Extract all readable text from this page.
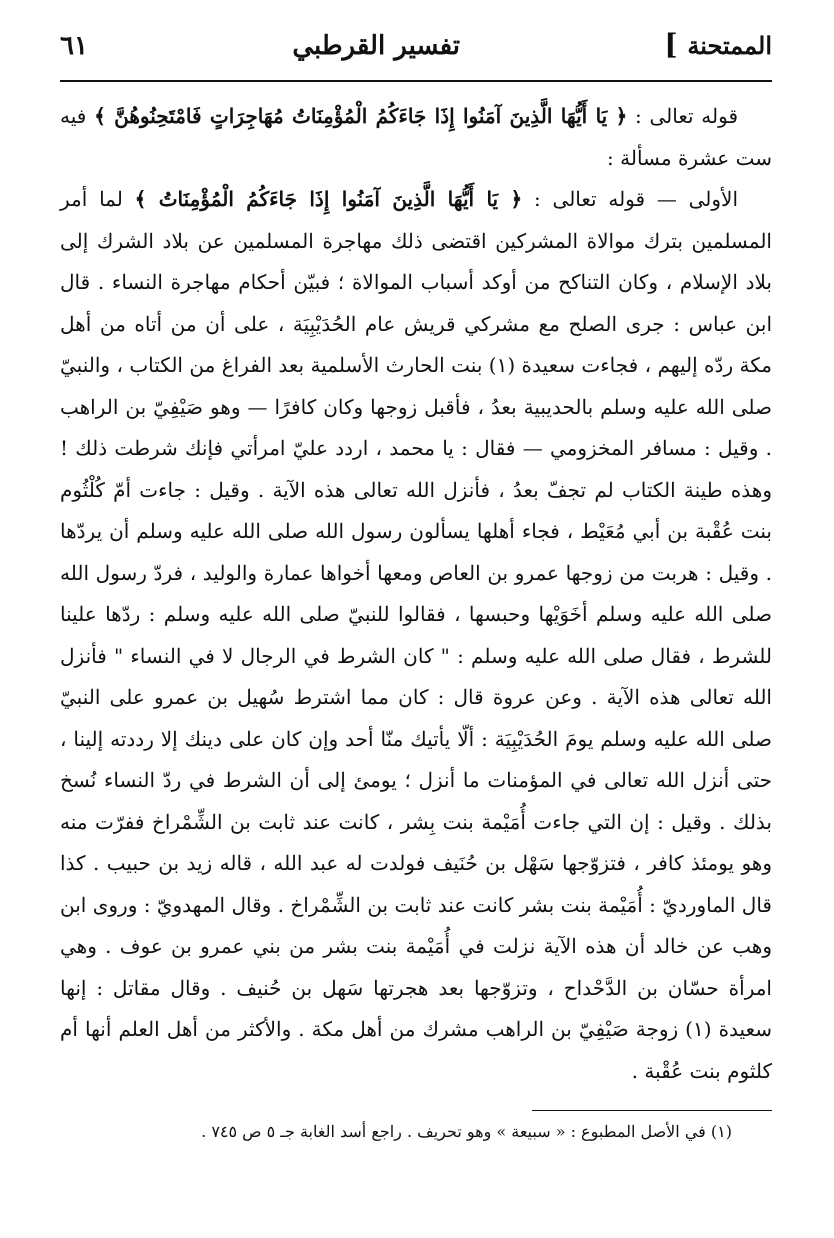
الممتحنة ]
تفسير القرطبي
٦١

قوله تعالى : ﴿ يَا أَيُّهَا الَّذِينَ آمَنُوا إِذَا جَاءَكُمُ الْمُؤْمِنَاتُ مُهَاجِرَاتٍ فَامْتَحِنُوهُنَّ ﴾ فيه ست عشرة مسألة :

الأولى — قوله تعالى : ﴿ يَا أَيُّهَا الَّذِينَ آمَنُوا إِذَا جَاءَكُمُ الْمُؤْمِنَاتُ ﴾ لما أمر المسلمين بترك موالاة المشركين اقتضى ذلك مهاجرة المسلمين عن بلاد الشرك إلى بلاد الإسلام ، وكان التناكح من أوكد أسباب الموالاة ؛ فبيّن أحكام مهاجرة النساء . قال ابن عباس : جرى الصلح مع مشركي قريش عام الحُدَيْبِيَة ، على أن من أتاه من أهل مكة ردّه إليهم ، فجاءت سعيدة (١) بنت الحارث الأسلمية بعد الفراغ من الكتاب ، والنبيّ صلى الله عليه وسلم بالحديبية بعدُ ، فأقبل زوجها وكان كافرًا — وهو صَيْفِيّ بن الراهب . وقيل : مسافر المخزومي — فقال : يا محمد ، اردد عليّ امرأتي فإنك شرطت ذلك ! وهذه طينة الكتاب لم تجفّ بعدُ ، فأنزل الله تعالى هذه الآية . وقيل : جاءت أمّ كُلْثُوم بنت عُقْبة بن أبي مُعَيْط ، فجاء أهلها يسألون رسول الله صلى الله عليه وسلم أن يردّها . وقيل : هربت من زوجها عمرو بن العاص ومعها أخواها عمارة والوليد ، فردّ رسول الله صلى الله عليه وسلم أخَوَيْها وحبسها ، فقالوا للنبيّ صلى الله عليه وسلم : ردّها علينا للشرط ، فقال صلى الله عليه وسلم : " كان الشرط في الرجال لا في النساء " فأنزل الله تعالى هذه الآية . وعن عروة قال : كان مما اشترط سُهيل بن عمرو على النبيّ صلى الله عليه وسلم يومَ الحُدَيْبِيَة : ألّا يأتيك منّا أحد وإن كان على دينك إلا رددته إلينا ، حتى أنزل الله تعالى في المؤمنات ما أنزل ؛ يومئ إلى أن الشرط في ردّ النساء نُسخ بذلك . وقيل : إن التي جاءت أُمَيْمة بنت بِشر ، كانت عند ثابت بن الشِّمْراخ ففرّت منه وهو يومئذ كافر ، فتزوّجها سَهْل بن حُنَيف فولدت له عبد الله ، قاله زيد بن حبيب . كذا قال الماورديّ : أُمَيْمة بنت بشر كانت عند ثابت بن الشِّمْراخ . وقال المهدويّ : وروى ابن وهب عن خالد أن هذه الآية نزلت في أُمَيْمة بنت بشر من بني عمرو بن عوف . وهي امرأة حسّان بن الدَّحْداح ، وتزوّجها بعد هجرتها سَهل بن حُنيف . وقال مقاتل : إنها سعيدة (١) زوجة صَيْفِيّ بن الراهب مشرك من أهل مكة . والأكثر من أهل العلم أنها أم كلثوم بنت عُقْبة .

(١) في الأصل المطبوع : « سبيعة » وهو تحريف . راجع أسد الغابة جـ ٥ ص ٧٤٥ .
